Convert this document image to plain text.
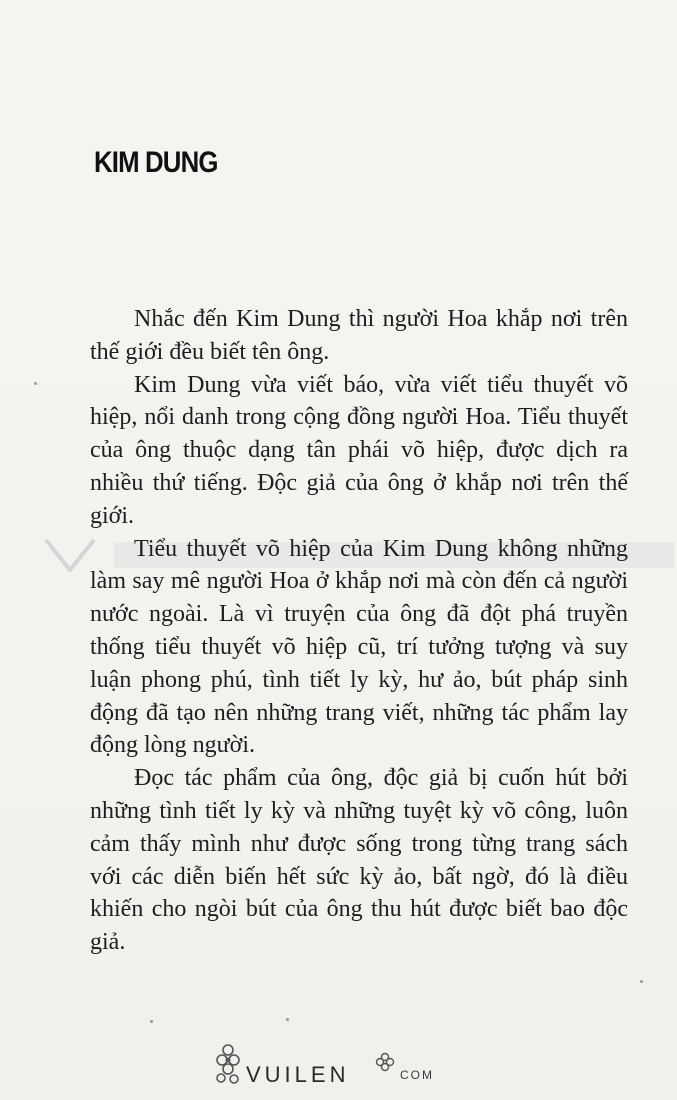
KIM DUNG

Nhắc đến Kim Dung thì người Hoa khắp nơi trên thế giới đều biết tên ông.

Kim Dung vừa viết báo, vừa viết tiểu thuyết võ hiệp, nổi danh trong cộng đồng người Hoa. Tiểu thuyết của ông thuộc dạng tân phái võ hiệp, được dịch ra nhiều thứ tiếng. Độc giả của ông ở khắp nơi trên thế giới.

Tiểu thuyết võ hiệp của Kim Dung không những làm say mê người Hoa ở khắp nơi mà còn đến cả người nước ngoài. Là vì truyện của ông đã đột phá truyền thống tiểu thuyết võ hiệp cũ, trí tưởng tượng và suy luận phong phú, tình tiết ly kỳ, hư ảo, bút pháp sinh động đã tạo nên những trang viết, những tác phẩm lay động lòng người.

Đọc tác phẩm của ông, độc giả bị cuốn hút bởi những tình tiết ly kỳ và những tuyệt kỳ võ công, luôn cảm thấy mình như được sống trong từng trang sách với các diễn biến hết sức kỳ ảo, bất ngờ, đó là điều khiến cho ngòi bút của ông thu hút được biết bao độc giả.

VUILEN	COM
